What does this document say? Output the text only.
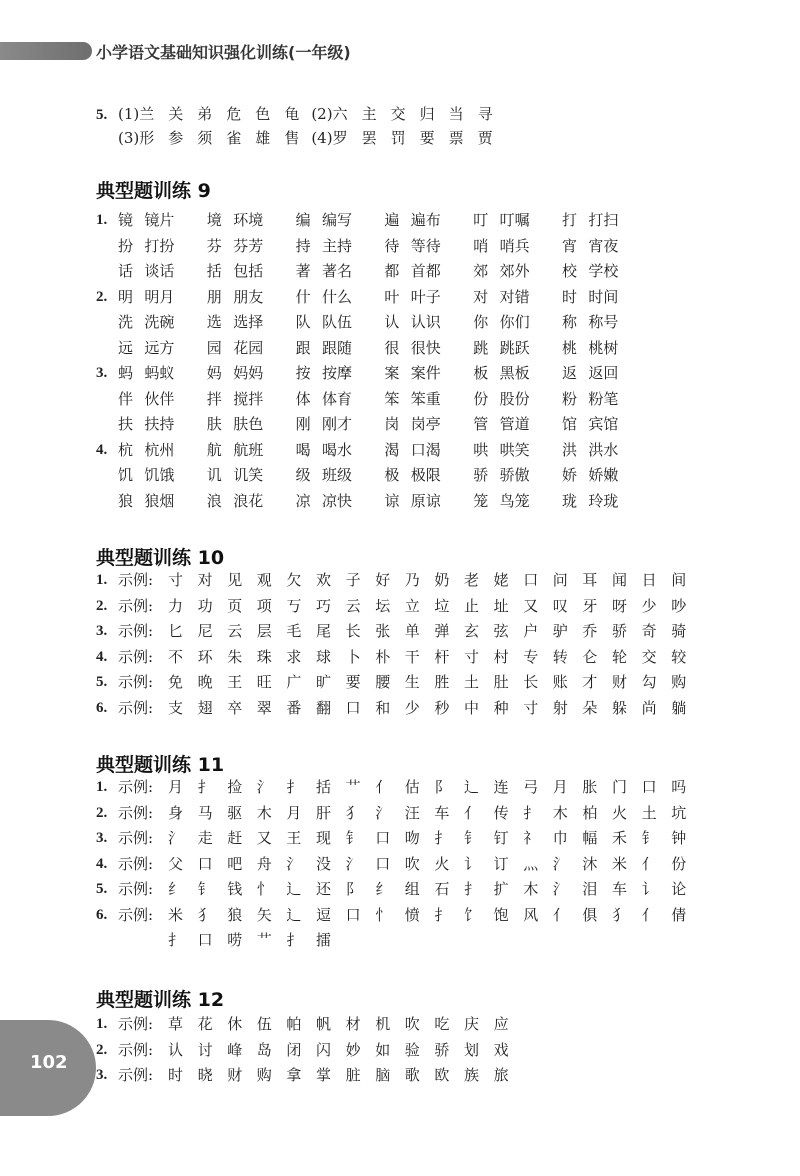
小学语文基础知识强化训练(一年级)
5. (1)兰 关 弟 危 色 龟 (2)六 主 交 归 当 寻
(3)形 参 须 雀 雄 售 (4)罗 罢 罚 要 票 贾
典型题训练 9
1. 镜 镜片 境 环境 编 编写 遍 遍布 叮 叮嘱 打 打扫
扮 打扮 芬 芬芳 持 主持 待 等待 哨 哨兵 宵 宵夜
话 谈话 括 包括 著 著名 都 首都 郊 郊外 校 学校
2. 明 明月 朋 朋友 什 什么 叶 叶子 对 对错 时 时间
洗 洗碗 选 选择 队 队伍 认 认识 你 你们 称 称号
远 远方 园 花园 跟 跟随 很 很快 跳 跳跃 桃 桃树
3. 蚂 蚂蚁 妈 妈妈 按 按摩 案 案件 板 黑板 返 返回
伴 伙伴 拌 搅拌 体 体育 笨 笨重 份 股份 粉 粉笔
扶 扶持 肤 肤色 刚 刚才 岗 岗亭 管 管道 馆 宾馆
4. 杭 杭州 航 航班 喝 喝水 渴 口渴 哄 哄笑 洪 洪水
饥 饥饿 讥 讥笑 级 班级 极 极限 骄 骄傲 娇 娇嫩
狼 狼烟 浪 浪花 凉 凉快 谅 原谅 笼 鸟笼 珑 玲珑
典型题训练 10
1. 示例: 寸 对 见 观 欠 欢 子 好 乃 奶 老 姥 口 问 耳 闻 日 间
2. 示例: 力 功 页 项 丂 巧 云 坛 立 垃 止 址 又 叹 牙 呀 少 吵
3. 示例: 匕 尼 云 层 毛 尾 长 张 单 弹 玄 弦 户 驴 乔 骄 奇 骑
4. 示例: 不 环 朱 珠 求 球 卜 朴 干 杆 寸 村 专 转 仑 轮 交 较
5. 示例: 免 晚 王 旺 广 旷 要 腰 生 胜 土 肚 长 账 才 财 勾 购
6. 示例: 支 翅 卒 翠 番 翻 口 和 少 秒 中 种 寸 射 朵 躲 尚 躺
典型题训练 11
1. 示例: 月 扌 捡 氵 扌 括 艹 亻 估 阝 辶 连 弓 月 胀 门 口 吗
2. 示例: 身 马 驱 木 月 肝 犭 氵 汪 车 亻 传 扌 木 柏 火 土 坑
3. 示例: 氵 走 赶 又 王 现 钅 口 吻 扌 钅 钉 礻 巾 幅 禾 钅 钟
4. 示例: 父 口 吧 舟 氵 没 氵 口 吹 火 讠 订 灬 氵 沐 米 亻 份
5. 示例: 纟 钅 钱 忄 辶 还 阝 纟 组 石 扌 扩 木 氵 泪 车 讠 论
6. 示例: 米 犭 狼 矢 辶 逗 口 忄 愤 扌 饣 饱 风 亻 俱 犭 亻 倩
扌 口 唠 艹 扌 擂
典型题训练 12
1. 示例: 草 花 休 伍 帕 帆 材 机 吹 吃 庆 应
2. 示例: 认 讨 峰 岛 闭 闪 妙 如 验 骄 划 戏
3. 示例: 时 晓 财 购 拿 掌 脏 脑 歌 欧 族 旅
102
